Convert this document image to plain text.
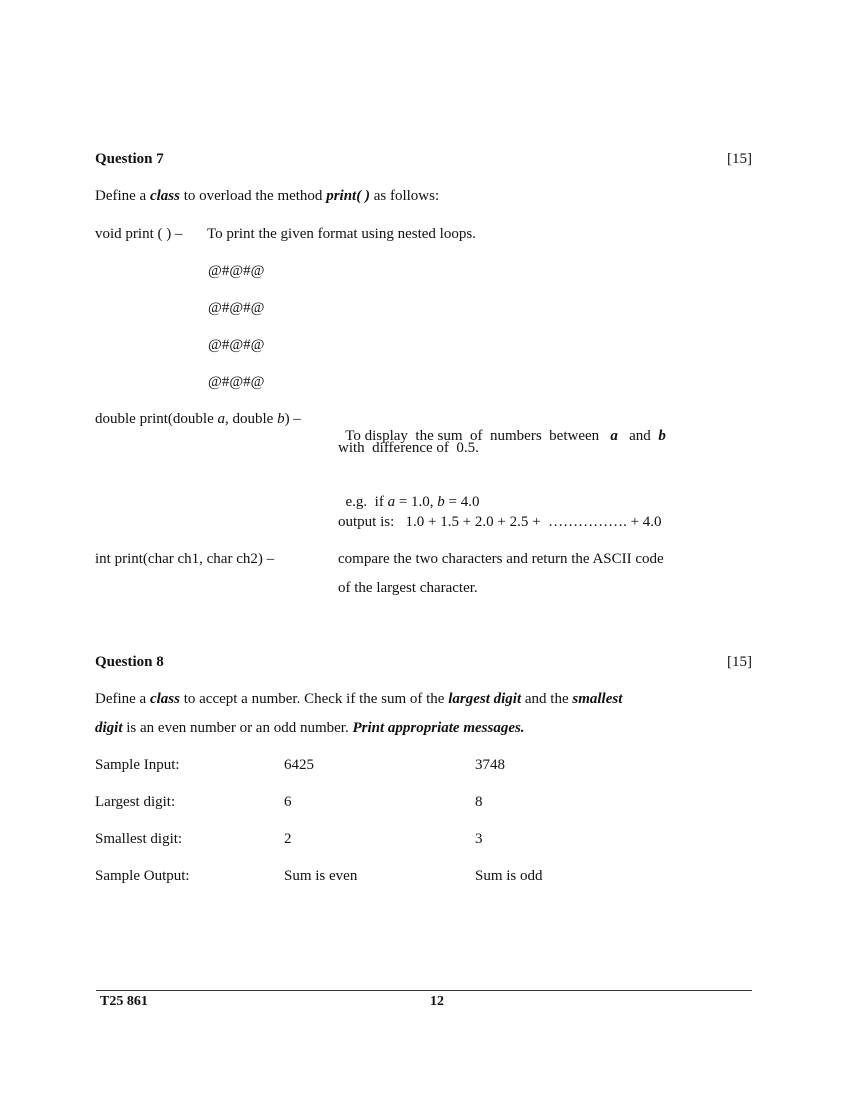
Question 7	[15]
Define a class to overload the method print( ) as follows:
void print ( ) – To print the given format using nested loops.
@#@#@
@#@#@
@#@#@
@#@#@
double print(double a, double b) –

To display  the sum  of  numbers  between   a   and  b

with  difference of  0.5.

e.g.  if a = 1.0, b = 4.0

output is:   1.0 + 1.5 + 2.0 + 2.5 +  ……………. + 4.0
int print(char ch1, char ch2) –	compare the two characters and return the ASCII code
of the largest character.
Question 8	[15]
Define a class to accept a number. Check if the sum of the largest digit and the smallest
digit is an even number or an odd number. Print appropriate messages.
Sample Input:	6425	3748
Largest digit:	6	8
Smallest digit:	2	3
Sample Output:	Sum is even	Sum is odd
T25 861	12
